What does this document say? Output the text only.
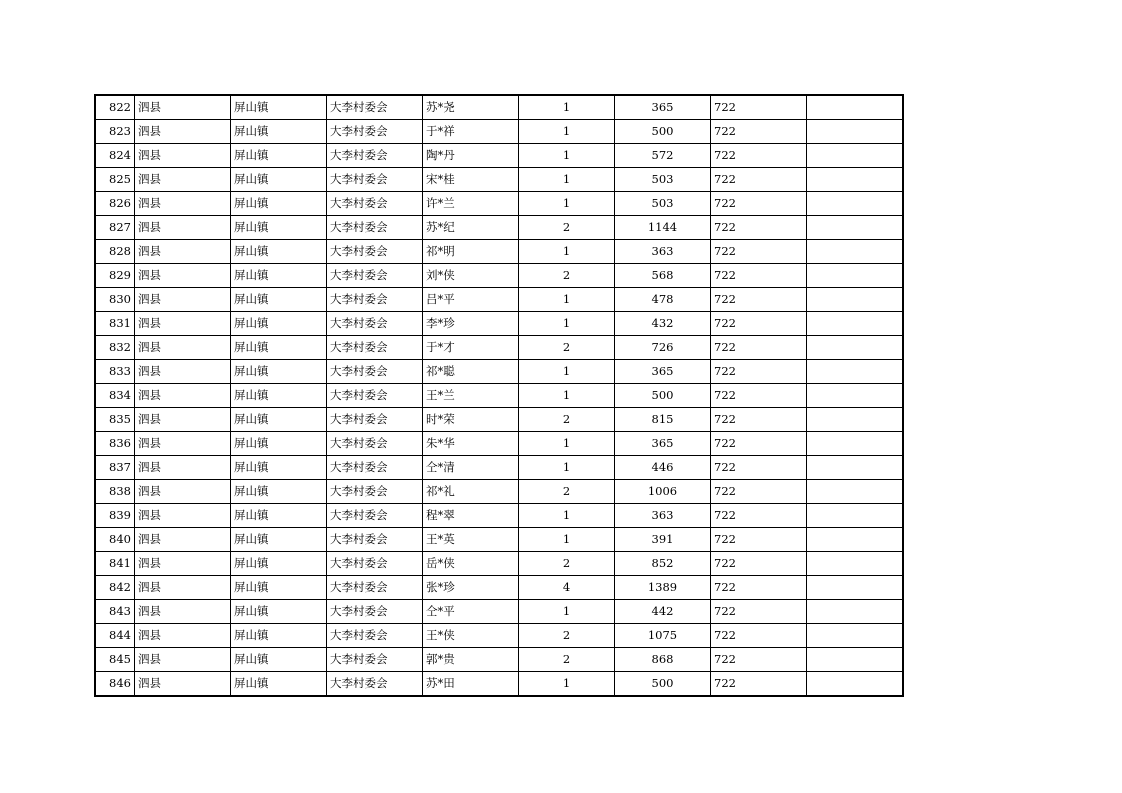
822	泗县	屏山镇	大李村委会	苏*尧	1	365	722	
823	泗县	屏山镇	大李村委会	于*祥	1	500	722	
824	泗县	屏山镇	大李村委会	陶*丹	1	572	722	
825	泗县	屏山镇	大李村委会	宋*桂	1	503	722	
826	泗县	屏山镇	大李村委会	许*兰	1	503	722	
827	泗县	屏山镇	大李村委会	苏*纪	2	1144	722	
828	泗县	屏山镇	大李村委会	祁*明	1	363	722	
829	泗县	屏山镇	大李村委会	刘*侠	2	568	722	
830	泗县	屏山镇	大李村委会	吕*平	1	478	722	
831	泗县	屏山镇	大李村委会	李*珍	1	432	722	
832	泗县	屏山镇	大李村委会	于*才	2	726	722	
833	泗县	屏山镇	大李村委会	祁*聪	1	365	722	
834	泗县	屏山镇	大李村委会	王*兰	1	500	722	
835	泗县	屏山镇	大李村委会	时*荣	2	815	722	
836	泗县	屏山镇	大李村委会	朱*华	1	365	722	
837	泗县	屏山镇	大李村委会	仝*清	1	446	722	
838	泗县	屏山镇	大李村委会	祁*礼	2	1006	722	
839	泗县	屏山镇	大李村委会	程*翠	1	363	722	
840	泗县	屏山镇	大李村委会	王*英	1	391	722	
841	泗县	屏山镇	大李村委会	岳*侠	2	852	722	
842	泗县	屏山镇	大李村委会	张*珍	4	1389	722	
843	泗县	屏山镇	大李村委会	仝*平	1	442	722	
844	泗县	屏山镇	大李村委会	王*侠	2	1075	722	
845	泗县	屏山镇	大李村委会	郭*贵	2	868	722	
846	泗县	屏山镇	大李村委会	苏*田	1	500	722	
